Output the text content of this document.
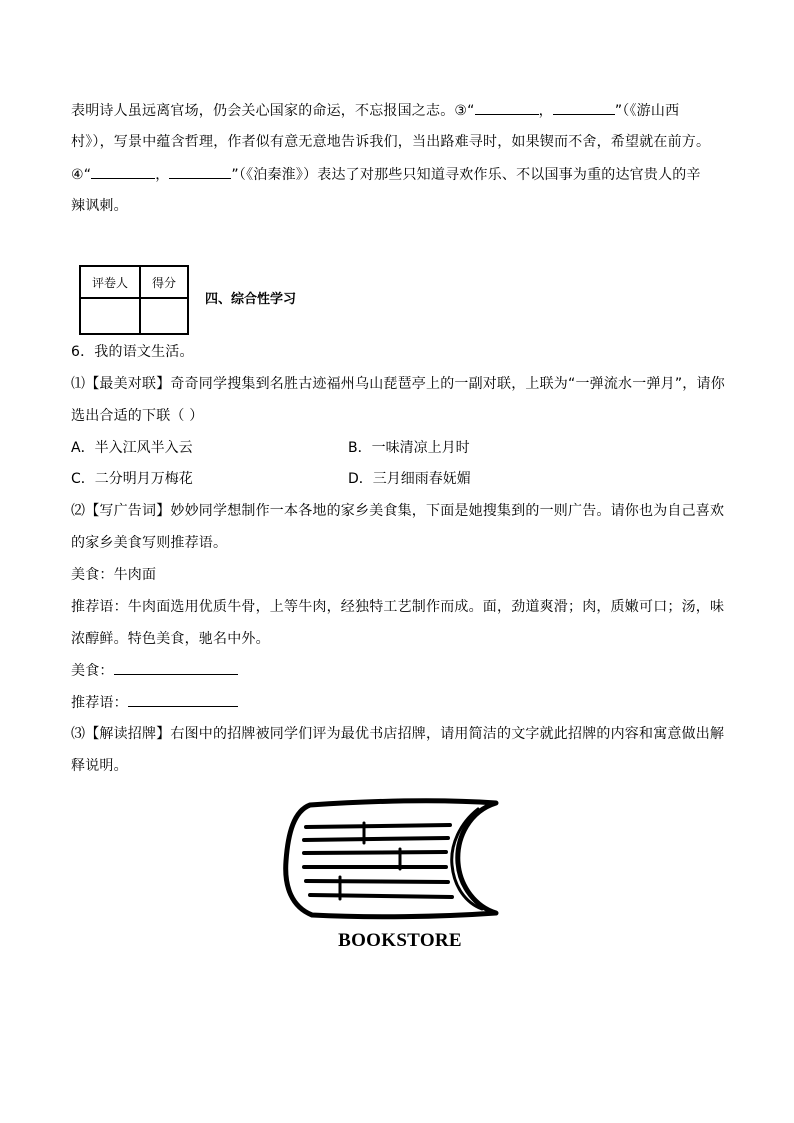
表明诗人虽远离官场，仍会关心国家的命运，不忘报国之志。③“	，	”（《游山西
村》），写景中蕴含哲理，作者似有意无意地告诉我们，当出路难寻时，如果锲而不舍，希望就在前方。
④“	，	”（《泊秦淮》）表达了对那些只知道寻欢作乐、不以国事为重的达官贵人的辛
辣讽刺。
评卷人	得分

四、综合性学习
6．我的语文生活。
⑴【最美对联】奇奇同学搜集到名胜古迹福州乌山琵琶亭上的一副对联，上联为“一弹流水一弹月”，请你
选出合适的下联（ ）
A．半入江风半入云	B．一味清凉上月时
C．二分明月万梅花	D．三月细雨春妩媚
⑵【写广告词】妙妙同学想制作一本各地的家乡美食集，下面是她搜集到的一则广告。请你也为自己喜欢
的家乡美食写则推荐语。
美食：牛肉面
推荐语：牛肉面选用优质牛骨，上等牛肉，经独特工艺制作而成。面，劲道爽滑；肉，质嫩可口；汤，味
浓醇鲜。特色美食，驰名中外。
美食：
推荐语：
⑶【解读招牌】右图中的招牌被同学们评为最优书店招牌，请用简洁的文字就此招牌的内容和寓意做出解
释说明。
BOOKSTORE
